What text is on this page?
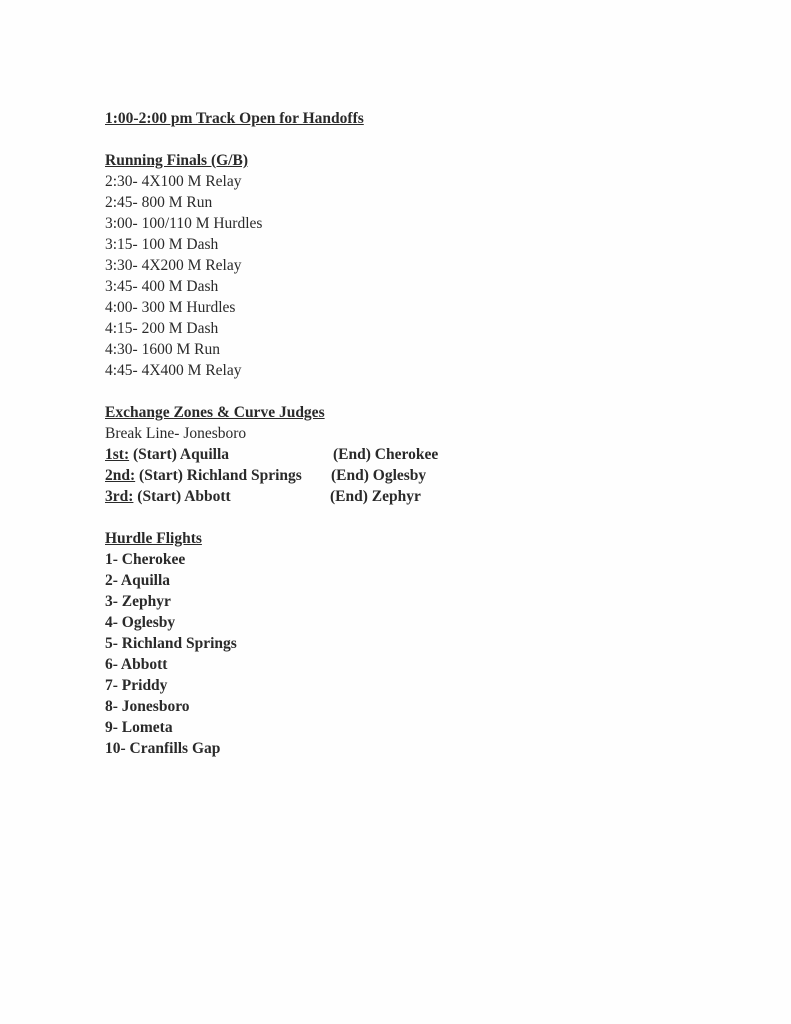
1:00-2:00 pm Track Open for Handoffs
Running Finals (G/B)
2:30- 4X100 M Relay
2:45- 800 M Run
3:00- 100/110 M Hurdles
3:15- 100 M Dash
3:30- 4X200 M Relay
3:45- 400 M Dash
4:00- 300 M Hurdles
4:15- 200 M Dash
4:30- 1600 M Run
4:45- 4X400 M Relay
Exchange Zones & Curve Judges
Break Line- Jonesboro
1st: (Start) Aquilla	(End) Cherokee
2nd: (Start) Richland Springs (End) Oglesby
3rd: (Start) Abbott	(End) Zephyr
Hurdle Flights
1- Cherokee
2- Aquilla
3- Zephyr
4- Oglesby
5- Richland Springs
6- Abbott
7- Priddy
8- Jonesboro
9- Lometa
10- Cranfills Gap
